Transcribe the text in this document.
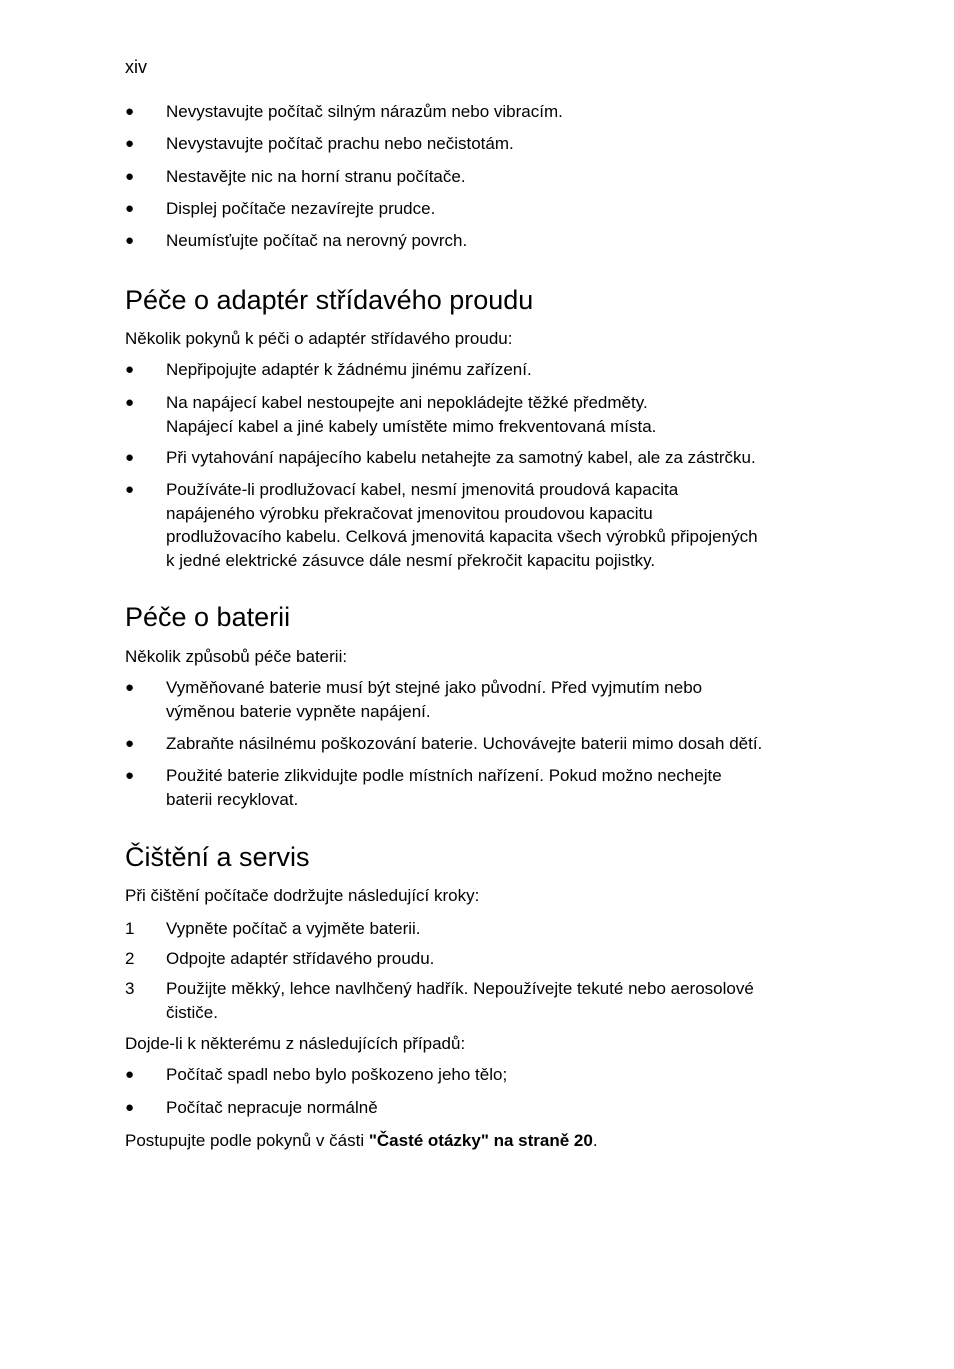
xiv
●	Nevystavujte počítač silným nárazům nebo vibracím.
●	Nevystavujte počítač prachu nebo nečistotám.
●	Nestavějte nic na horní stranu počítače.
●	Displej počítače nezavírejte prudce.
●	Neumísťujte počítač na nerovný povrch.
Péče o adaptér střídavého proudu
Několik pokynů k péči o adaptér střídavého proudu:
●	Nepřipojujte adaptér k žádnému jinému zařízení.
●	Na napájecí kabel nestoupejte ani nepokládejte těžké předměty.
Napájecí kabel a jiné kabely umístěte mimo frekventovaná místa.
●	Při vytahování napájecího kabelu netahejte za samotný kabel, ale za zástrčku.
●	Používáte-li prodlužovací kabel, nesmí jmenovitá proudová kapacita
napájeného výrobku překračovat jmenovitou proudovou kapacitu
prodlužovacího kabelu. Celková jmenovitá kapacita všech výrobků připojených
k jedné elektrické zásuvce dále nesmí překročit kapacitu pojistky.
Péče o baterii
Několik způsobů péče baterii:
●	Vyměňované baterie musí být stejné jako původní. Před vyjmutím nebo
výměnou baterie vypněte napájení.
●	Zabraňte násilnému poškozování baterie. Uchovávejte baterii mimo dosah dětí.
●	Použité baterie zlikvidujte podle místních nařízení. Pokud možno nechejte
baterii recyklovat.
Čištění a servis
Při čištění počítače dodržujte následující kroky:
1	Vypněte počítač a vyjměte baterii.
2	Odpojte adaptér střídavého proudu.
3	Použijte měkký, lehce navlhčený hadřík. Nepoužívejte tekuté nebo aerosolové
čističe.
Dojde-li k některému z následujících případů:
●	Počítač spadl nebo bylo poškozeno jeho tělo;
●	Počítač nepracuje normálně
Postupujte podle pokynů v části "Časté otázky" na straně 20.
